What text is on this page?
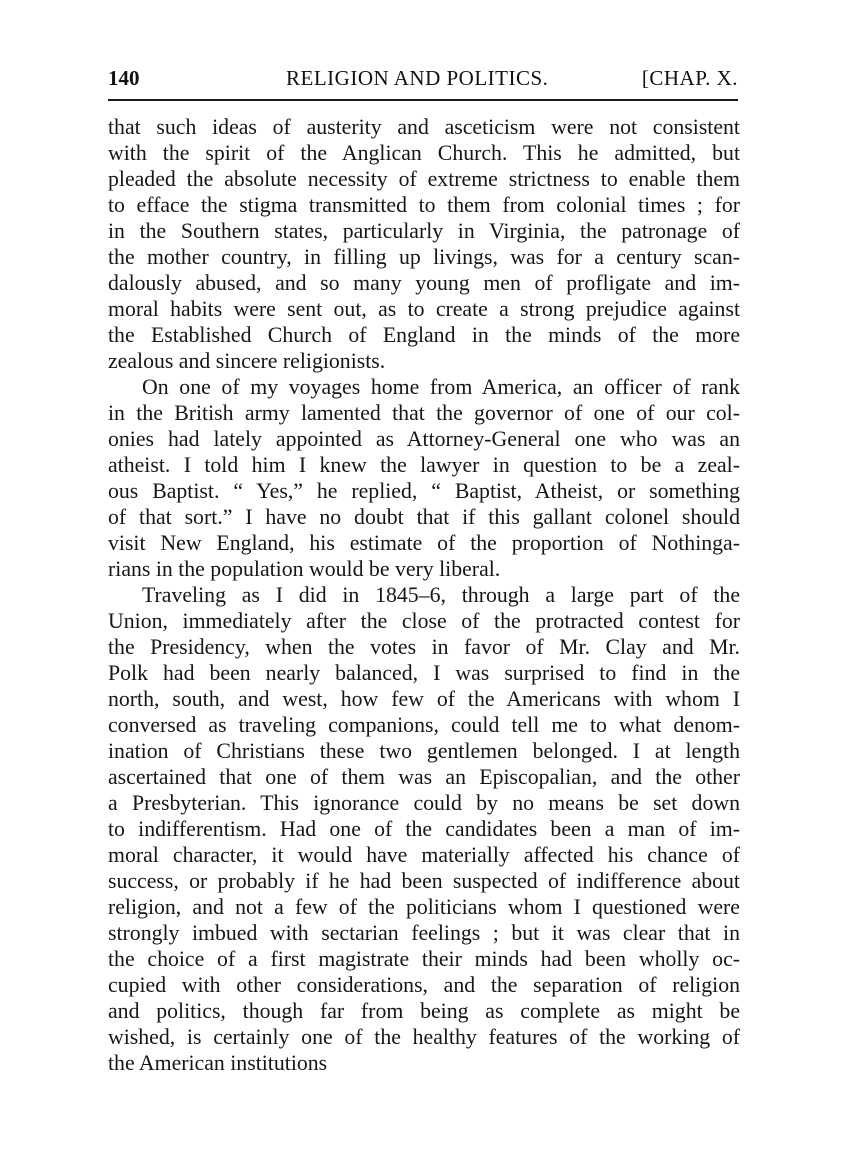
140	RELIGION AND POLITICS.	[CHAP. X.
that such ideas of austerity and asceticism were not consistent
with the spirit of the Anglican Church. This he admitted, but
pleaded the absolute necessity of extreme strictness to enable them
to efface the stigma transmitted to them from colonial times ; for
in the Southern states, particularly in Virginia, the patronage of
the mother country, in filling up livings, was for a century scan-
dalously abused, and so many young men of profligate and im-
moral habits were sent out, as to create a strong prejudice against
the Established Church of England in the minds of the more
zealous and sincere religionists.
On one of my voyages home from America, an officer of rank
in the British army lamented that the governor of one of our col-
onies had lately appointed as Attorney-General one who was an
atheist. I told him I knew the lawyer in question to be a zeal-
ous Baptist. “ Yes,” he replied, “ Baptist, Atheist, or something
of that sort.” I have no doubt that if this gallant colonel should
visit New England, his estimate of the proportion of Nothinga-
rians in the population would be very liberal.
Traveling as I did in 1845–6, through a large part of the
Union, immediately after the close of the protracted contest for
the Presidency, when the votes in favor of Mr. Clay and Mr.
Polk had been nearly balanced, I was surprised to find in the
north, south, and west, how few of the Americans with whom I
conversed as traveling companions, could tell me to what denom-
ination of Christians these two gentlemen belonged. I at length
ascertained that one of them was an Episcopalian, and the other
a Presbyterian. This ignorance could by no means be set down
to indifferentism. Had one of the candidates been a man of im-
moral character, it would have materially affected his chance of
success, or probably if he had been suspected of indifference about
religion, and not a few of the politicians whom I questioned were
strongly imbued with sectarian feelings ; but it was clear that in
the choice of a first magistrate their minds had been wholly oc-
cupied with other considerations, and the separation of religion
and politics, though far from being as complete as might be
wished, is certainly one of the healthy features of the working of
the American institutions
